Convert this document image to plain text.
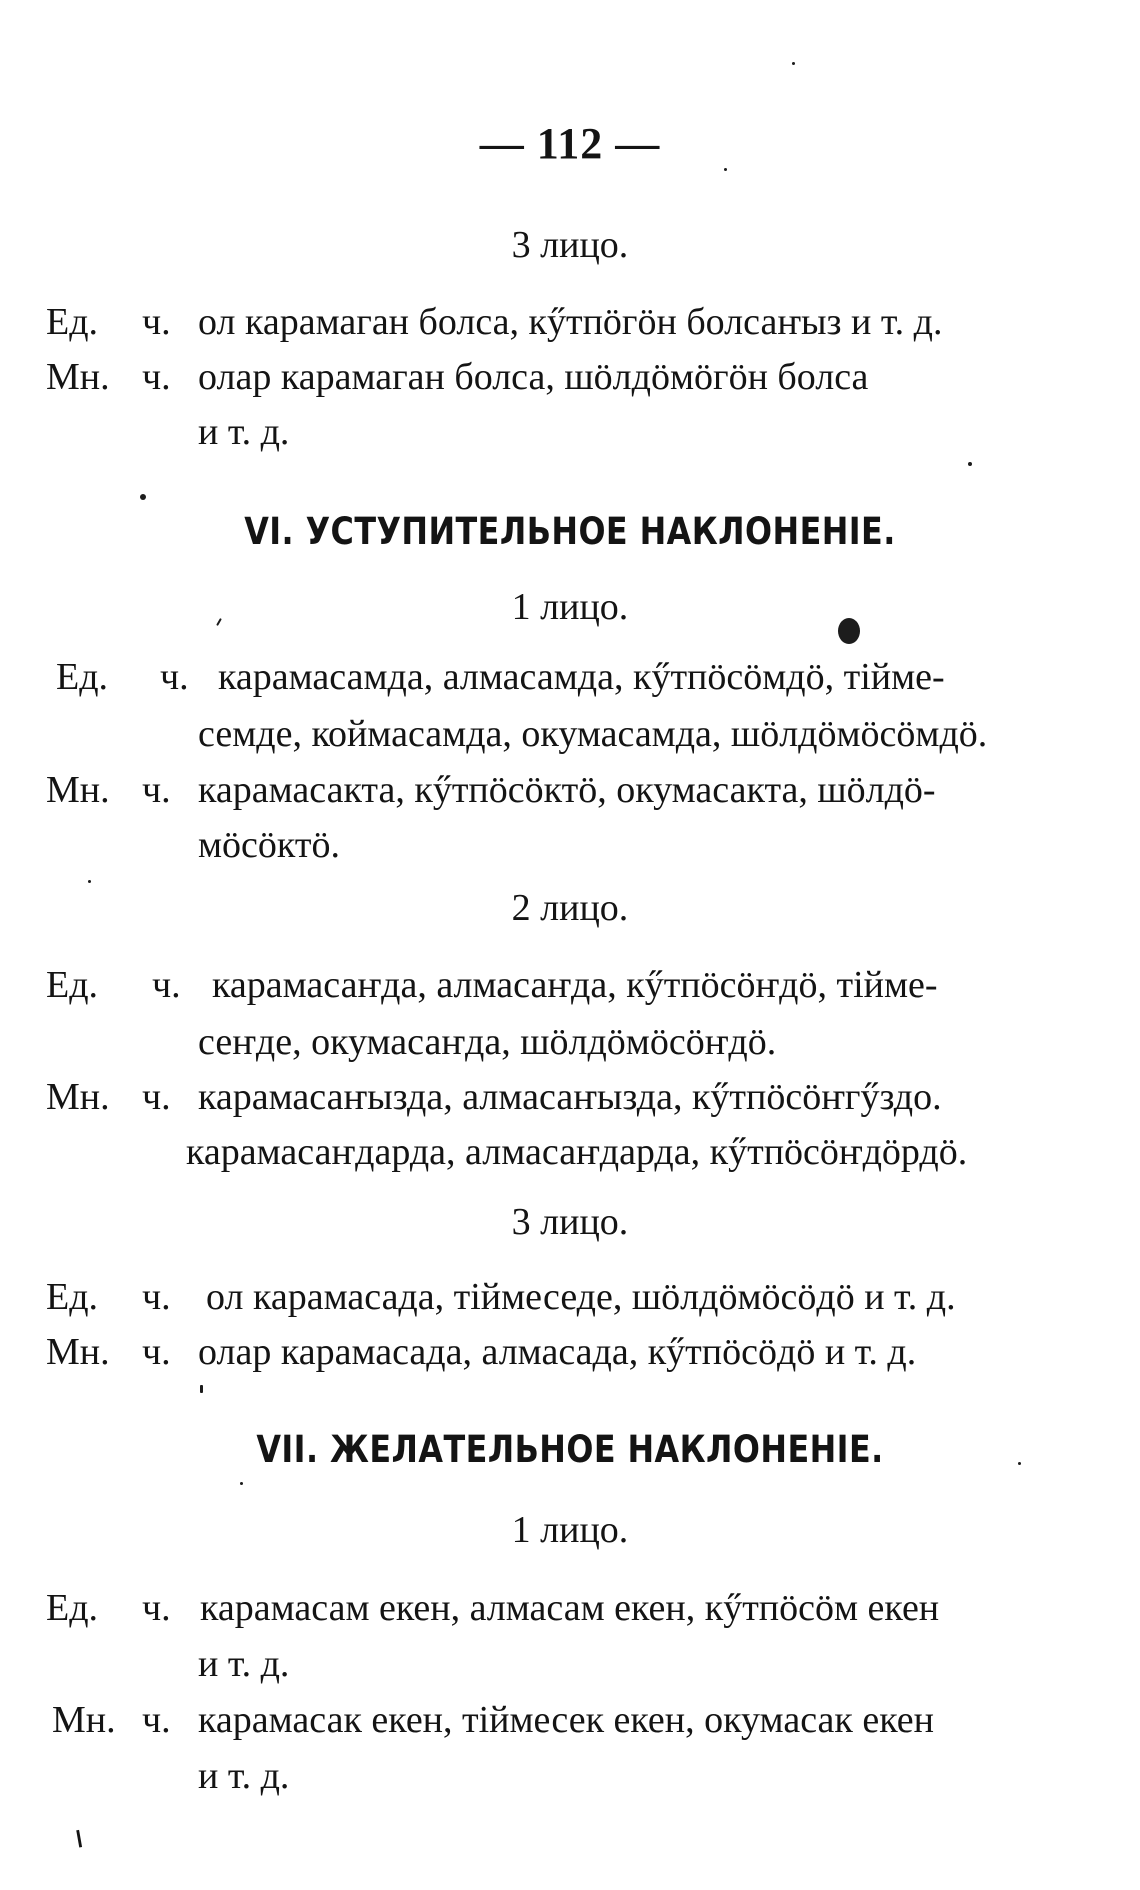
— 112 —
3 лицо.
Ед. ч. ол карамаган болса, кӳтпӧгӧн болсаҥыз и т. д.
Мн. ч. олар карамаган болса, шӧлдӧмӧгӧн болса
и т. д.
VI. УСТУПИТЕЛЬНОЕ НАКЛОНЕНІЕ.
1 лицо.
Ед. ч. карамасамда, алмасамда, кӳтпӧсӧмдӧ, тіймe-
семде, коймасамда, окумасамда, шӧлдӧмӧсӧмдӧ.
Мн. ч. карамасакта, кӳтпӧсӧктӧ, окумасакта, шӧлдӧ-
мӧсӧктӧ.
2 лицо.
Ед. ч. карамасаҥда, алмасаҥда, кӳтпӧсӧҥдӧ, тіймe-
сеҥде, окумасаҥда, шӧлдӧмӧсӧҥдӧ.
Мн. ч. карамасаҥызда, алмасаҥызда, кӳтпӧсӧҥгӳздо.
карамасаҥдарда, алмасаҥдарда, кӳтпӧсӧҥдӧрдӧ.
3 лицо.
Ед. ч. ол карамасада, тіймеседе, шӧлдӧмӧсӧдӧ и т. д.
Мн. ч. олар карамасада, алмасада, кӳтпӧсӧдӧ и т. д.
VII. ЖЕЛАТЕЛЬНОЕ НАКЛОНЕНІЕ.
1 лицо.
Ед. ч. карамасам екен, алмасам екен, кӳтпӧсӧм екен
и т. д.
Мн. ч. карамасак екен, тіймесек екен, окумасак екен
и т. д.
⸜
